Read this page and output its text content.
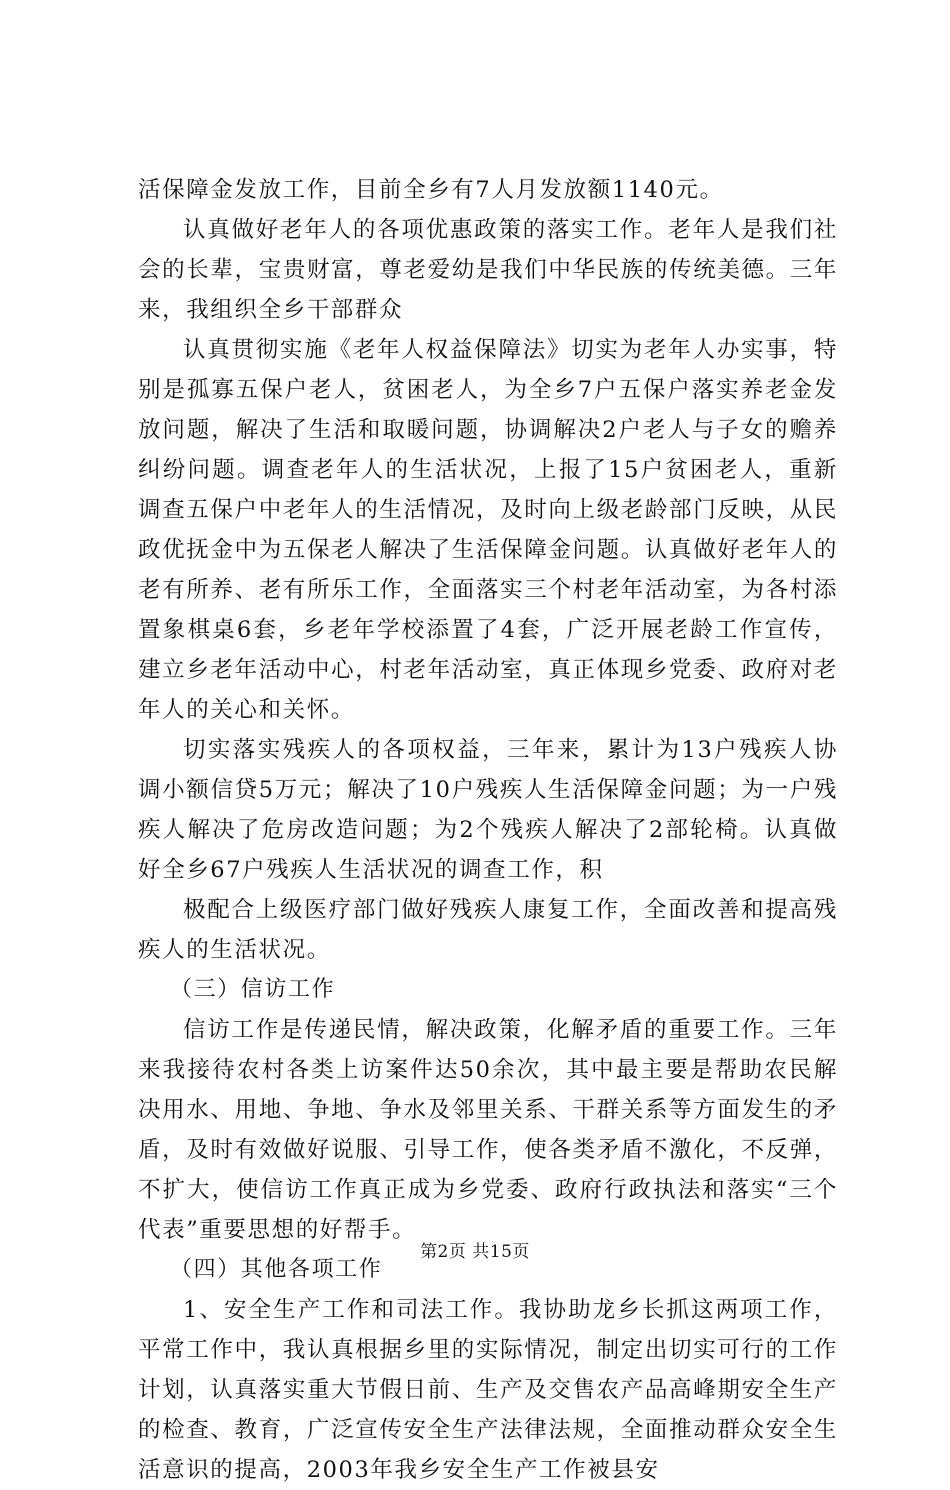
活保障金发放工作，目前全乡有7人月发放额1140元。

认真做好老年人的各项优惠政策的落实工作。老年人是我们社会的长辈，宝贵财富，尊老爱幼是我们中华民族的传统美德。三年来，我组织全乡干部群众

认真贯彻实施《老年人权益保障法》切实为老年人办实事，特别是孤寡五保户老人，贫困老人，为全乡7户五保户落实养老金发放问题，解决了生活和取暖问题，协调解决2户老人与子女的赡养纠纷问题。调查老年人的生活状况，上报了15户贫困老人，重新调查五保户中老年人的生活情况，及时向上级老龄部门反映，从民政优抚金中为五保老人解决了生活保障金问题。认真做好老年人的老有所养、老有所乐工作，全面落实三个村老年活动室，为各村添置象棋桌6套，乡老年学校添置了4套，广泛开展老龄工作宣传，建立乡老年活动中心，村老年活动室，真正体现乡党委、政府对老年人的关心和关怀。

切实落实残疾人的各项权益，三年来，累计为13户残疾人协调小额信贷5万元；解决了10户残疾人生活保障金问题；为一户残疾人解决了危房改造问题；为2个残疾人解决了2部轮椅。认真做好全乡67户残疾人生活状况的调查工作，积

极配合上级医疗部门做好残疾人康复工作，全面改善和提高残疾人的生活状况。

（三）信访工作

信访工作是传递民情，解决政策，化解矛盾的重要工作。三年来我接待农村各类上访案件达50余次，其中最主要是帮助农民解决用水、用地、争地、争水及邻里关系、干群关系等方面发生的矛盾，及时有效做好说服、引导工作，使各类矛盾不激化，不反弹，不扩大，使信访工作真正成为乡党委、政府行政执法和落实“三个代表”重要思想的好帮手。

（四）其他各项工作

1、安全生产工作和司法工作。我协助龙乡长抓这两项工作，平常工作中，我认真根据乡里的实际情况，制定出切实可行的工作计划，认真落实重大节假日前、生产及交售农产品高峰期安全生产的检查、教育，广泛宣传安全生产法律法规，全面推动群众安全生活意识的提高，2003年我乡安全生产工作被县安

第2页 共15页
